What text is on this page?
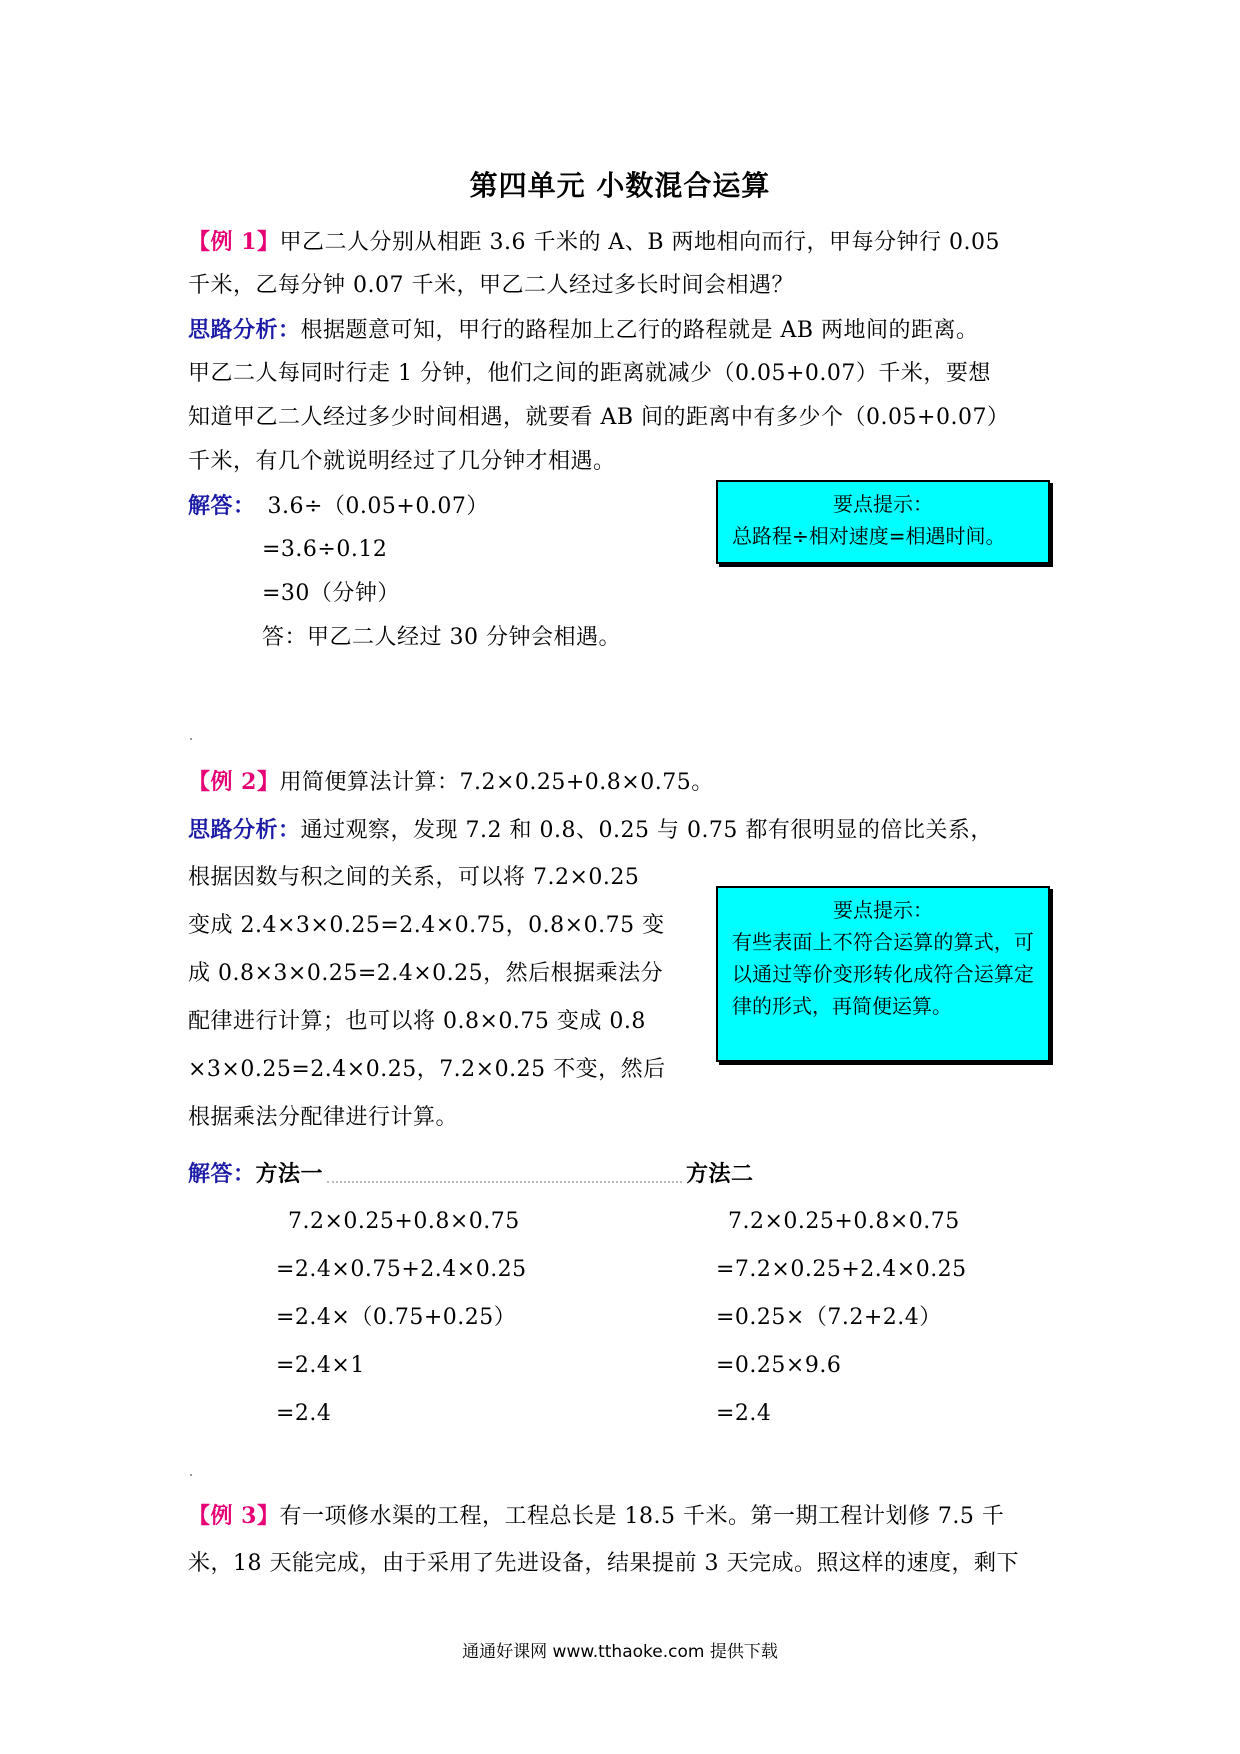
第四单元 小数混合运算
【例 1】甲乙二人分别从相距 3.6 千米的 A、B 两地相向而行，甲每分钟行 0.05
千米，乙每分钟 0.07 千米，甲乙二人经过多长时间会相遇？
思路分析：根据题意可知，甲行的路程加上乙行的路程就是 AB 两地间的距离。
甲乙二人每同时行走 1 分钟，他们之间的距离就减少（0.05+0.07）千米，要想
知道甲乙二人经过多少时间相遇，就要看 AB 间的距离中有多少个（0.05+0.07）
千米，有几个就说明经过了几分钟才相遇。
解答： 3.6÷（0.05+0.07）
=3.6÷0.12
=30（分钟）
答：甲乙二人经过 30 分钟会相遇。
要点提示：
总路程÷相对速度=相遇时间。
【例 2】用简便算法计算：7.2×0.25+0.8×0.75。
思路分析：通过观察，发现 7.2 和 0.8、0.25 与 0.75 都有很明显的倍比关系，
根据因数与积之间的关系，可以将 7.2×0.25
变成 2.4×3×0.25=2.4×0.75，0.8×0.75 变
成 0.8×3×0.25=2.4×0.25，然后根据乘法分
配律进行计算；也可以将 0.8×0.75 变成 0.8
×3×0.25=2.4×0.25，7.2×0.25 不变，然后
根据乘法分配律进行计算。
要点提示：
有些表面上不符合运算的算式，可以通过等价变形转化成符合运算定律的形式，再简便运算。
解答：方法一	方法二
7.2×0.25+0.8×0.75
=2.4×0.75+2.4×0.25
=2.4×（0.75+0.25）
=2.4×1
=2.4
7.2×0.25+0.8×0.75
=7.2×0.25+2.4×0.25
=0.25×（7.2+2.4）
=0.25×9.6
=2.4
【例 3】有一项修水渠的工程，工程总长是 18.5 千米。第一期工程计划修 7.5 千
米，18 天能完成，由于采用了先进设备，结果提前 3 天完成。照这样的速度，剩下
通通好课网 www.tthaoke.com 提供下载
